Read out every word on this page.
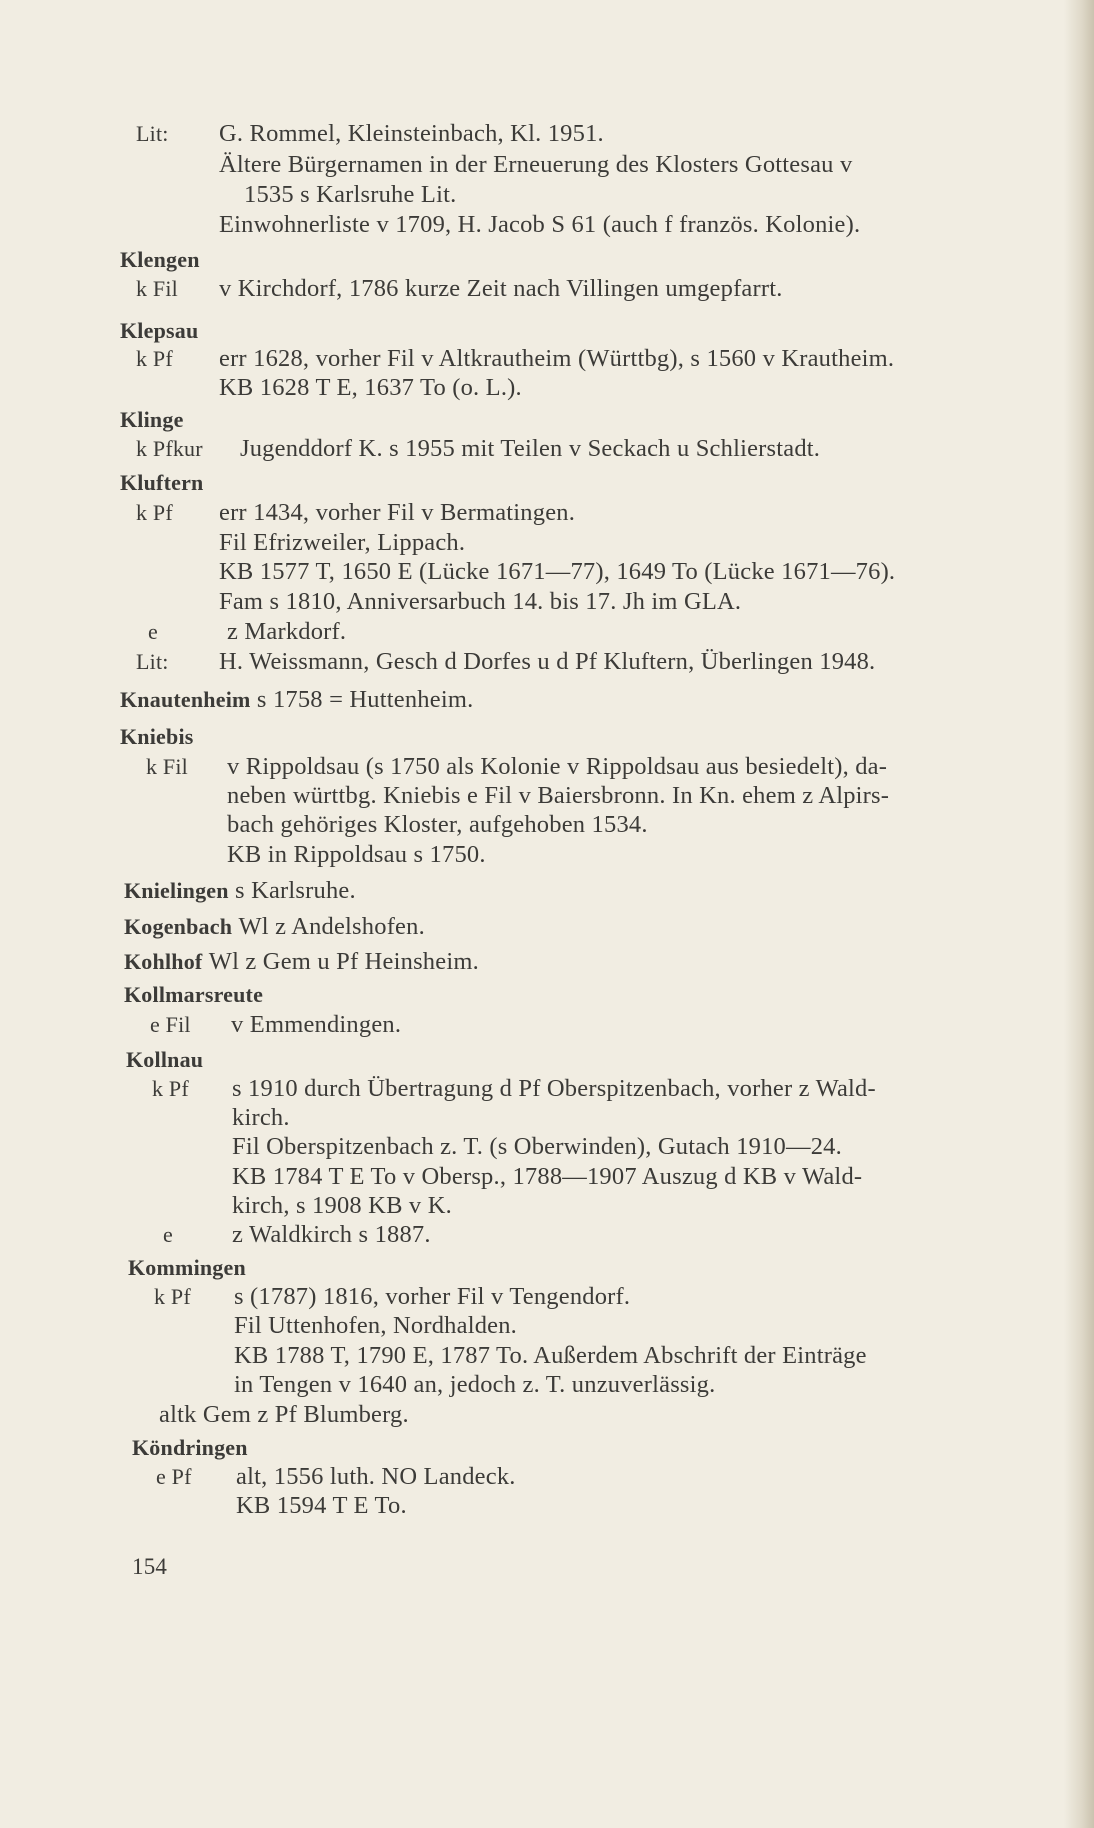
Lit: G. Rommel, Kleinsteinbach, Kl. 1951.
Ältere Bürgernamen in der Erneuerung des Klosters Gottesau v
1535 s Karlsruhe Lit.
Einwohnerliste v 1709, H. Jacob S 61 (auch f französ. Kolonie).
Klengen
k Fil v Kirchdorf, 1786 kurze Zeit nach Villingen umgepfarrt.
Klepsau
k Pf err 1628, vorher Fil v Altkrautheim (Württbg), s 1560 v Krautheim.
KB 1628 T E, 1637 To (o. L.).
Klinge
k Pfkur Jugenddorf K. s 1955 mit Teilen v Seckach u Schlierstadt.
Kluftern
k Pf err 1434, vorher Fil v Bermatingen.
Fil Efrizweiler, Lippach.
KB 1577 T, 1650 E (Lücke 1671—77), 1649 To (Lücke 1671—76).
Fam s 1810, Anniversarbuch 14. bis 17. Jh im GLA.
e	z Markdorf.
Lit: H. Weissmann, Gesch d Dorfes u d Pf Kluftern, Überlingen 1948.
Knautenheim s 1758 = Huttenheim.
Kniebis
k Fil v Rippoldsau (s 1750 als Kolonie v Rippoldsau aus besiedelt), da-
neben württbg. Kniebis e Fil v Baiersbronn. In Kn. ehem z Alpirs-
bach gehöriges Kloster, aufgehoben 1534.
KB in Rippoldsau s 1750.
Knielingen s Karlsruhe.
Kogenbach Wl z Andelshofen.
Kohlhof Wl z Gem u Pf Heinsheim.
Kollmarsreute
e Fil v Emmendingen.
Kollnau
k Pf s 1910 durch Übertragung d Pf Oberspitzenbach, vorher z Wald-
kirch.
Fil Oberspitzenbach z. T. (s Oberwinden), Gutach 1910—24.
KB 1784 T E To v Obersp., 1788—1907 Auszug d KB v Wald-
kirch, s 1908 KB v K.
e z Waldkirch s 1887.
Kommingen
k Pf s (1787) 1816, vorher Fil v Tengendorf.
Fil Uttenhofen, Nordhalden.
KB 1788 T, 1790 E, 1787 To. Außerdem Abschrift der Einträge
in Tengen v 1640 an, jedoch z. T. unzuverlässig.
altk Gem z Pf Blumberg.
Köndringen
e Pf alt, 1556 luth. NO Landeck.
KB 1594 T E To.
154
